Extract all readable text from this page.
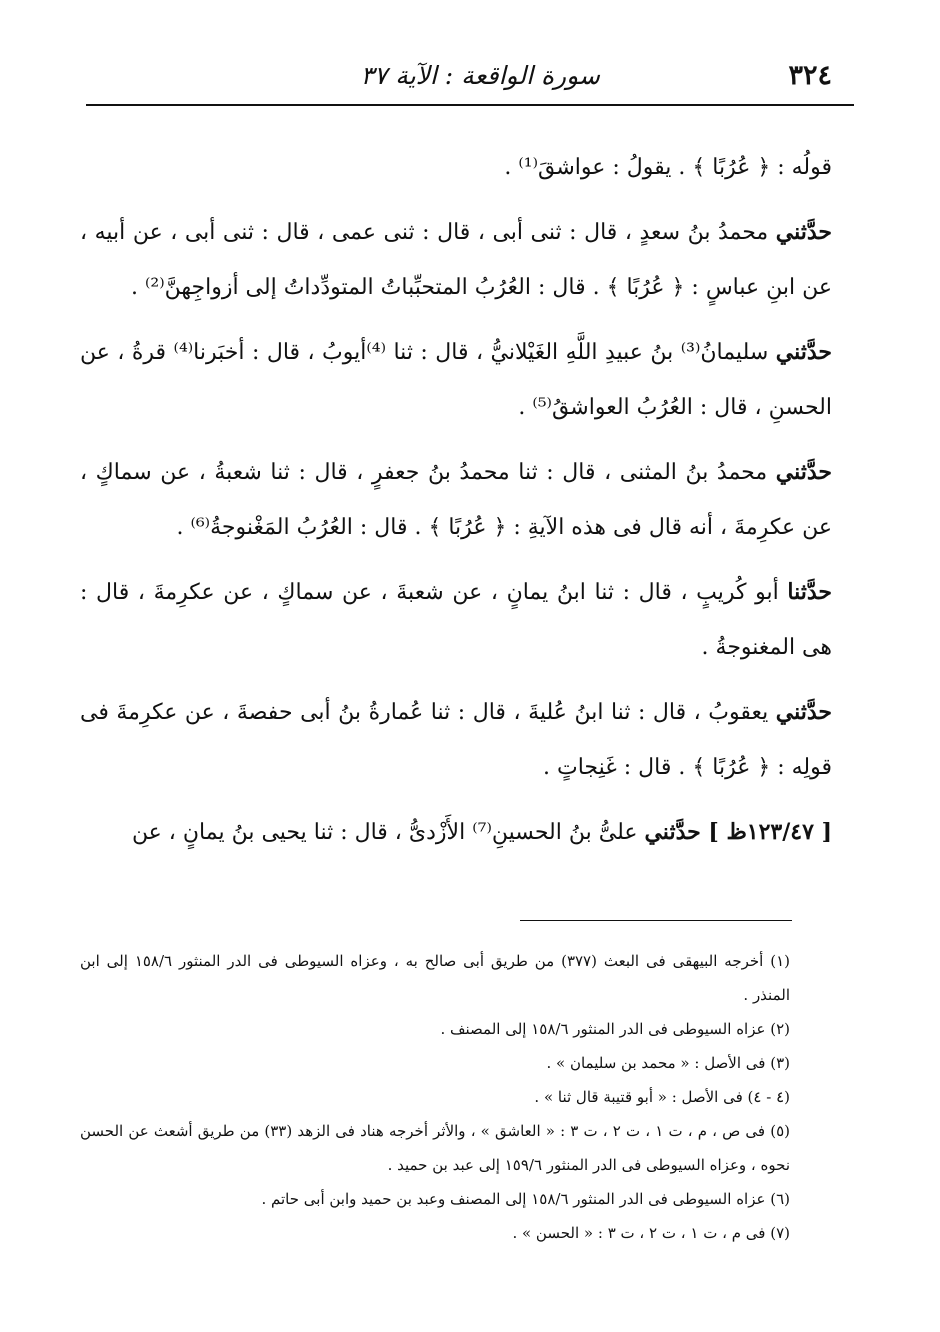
٣٢٤
سورة الواقعة : الآية ٣٧

قولُه : ﴿ عُرُبًا ﴾ . يقولُ : عواشقَ⁽¹⁾ .

حدَّثني محمدُ بنُ سعدٍ ، قال : ثنى أبى ، قال : ثنى عمى ، قال : ثنى أبى ، عن أبيه ، عن ابنِ عباسٍ : ﴿ عُرُبًا ﴾ . قال : العُرُبُ المتحبِّباتُ المتودِّداتُ إلى أزواجِهنَّ⁽²⁾ .

حدَّثني سليمانُ⁽³⁾ بنُ عبيدِ اللَّهِ الغَيْلانيُّ ، قال : ثنا ⁽⁴⁾أيوبُ ، قال : أخبَرنا⁽⁴⁾ قرةُ ، عن الحسنِ ، قال : العُرُبُ العواشقُ⁽⁵⁾ .

حدَّثني محمدُ بنُ المثنى ، قال : ثنا محمدُ بنُ جعفرٍ ، قال : ثنا شعبةُ ، عن سماكٍ ، عن عكرِمةَ ، أنه قال فى هذه الآيةِ : ﴿ عُرُبًا ﴾ . قال : العُرُبُ المَغْنوجةُ⁽⁶⁾ .

حدَّثنا أبو كُريبٍ ، قال : ثنا ابنُ يمانٍ ، عن شعبةَ ، عن سماكٍ ، عن عكرِمةَ ، قال : هى المغنوجةُ .

حدَّثني يعقوبُ ، قال : ثنا ابنُ عُليةَ ، قال : ثنا عُمارةُ بنُ أبى حفصةَ ، عن عكرِمةَ فى قولِه : ﴿ عُرُبًا ﴾ . قال : غَنِجاتٍ .

[ ١٢٣/٤٧ظ ] حدَّثني علىُّ بنُ الحسينِ⁽⁷⁾ الأَزْدىُّ ، قال : ثنا يحيى بنُ يمانٍ ، عن

(١) أخرجه البيهقى فى البعث (٣٧٧) من طريق أبى صالح به ، وعزاه السيوطى فى الدر المنثور ١٥٨/٦ إلى ابن المنذر .

(٢) عزاه السيوطى فى الدر المنثور ١٥٨/٦ إلى المصنف .

(٣) فى الأصل : « محمد بن سليمان » .

(٤ - ٤) فى الأصل : « أبو قتيبة قال ثنا » .

(٥) فى ص ، م ، ت ١ ، ت ٢ ، ت ٣ : « العاشق » ، والأثر أخرجه هناد فى الزهد (٣٣) من طريق أشعث عن الحسن نحوه ، وعزاه السيوطى فى الدر المنثور ١٥٩/٦ إلى عبد بن حميد .

(٦) عزاه السيوطى فى الدر المنثور ١٥٨/٦ إلى المصنف وعبد بن حميد وابن أبى حاتم .

(٧) فى م ، ت ١ ، ت ٢ ، ت ٣ : « الحسن » .
